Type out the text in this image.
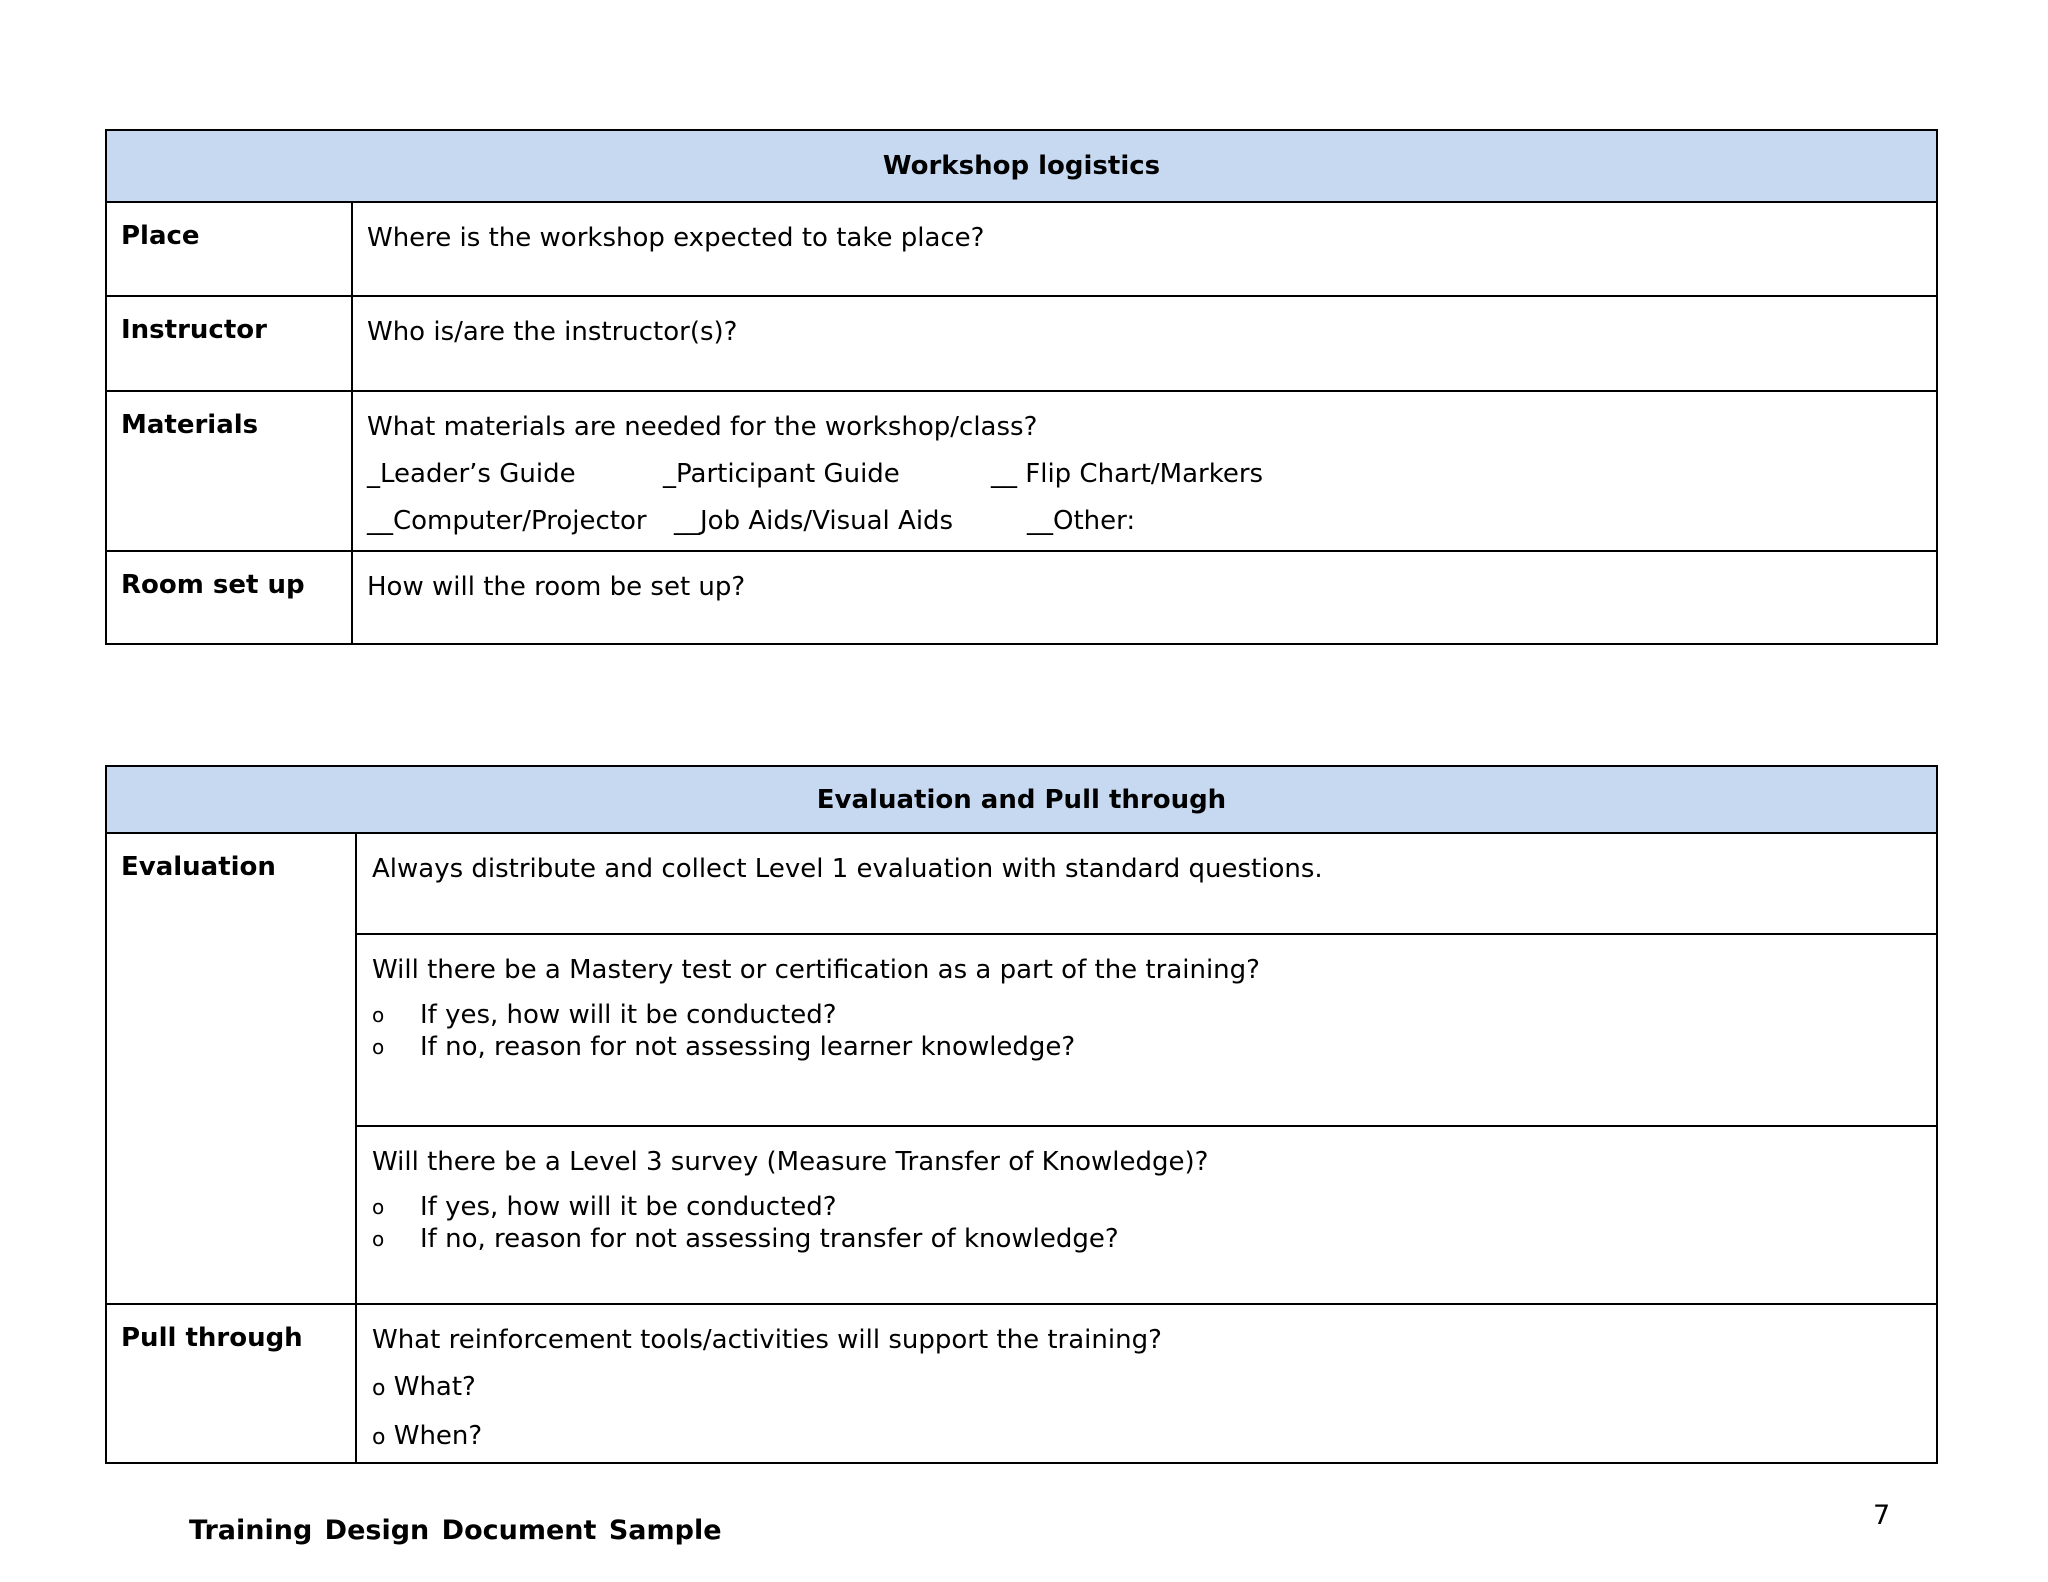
Workshop logistics
Place	Where is the workshop expected to take place?
Instructor	Who is/are the instructor(s)?
Materials	What materials are needed for the workshop/class?
_Leader’s Guide	_Participant Guide	__ Flip Chart/Markers
__Computer/Projector	__Job Aids/Visual Aids	__Other:
Room set up	How will the room be set up?
Evaluation and Pull through
Evaluation	Always distribute and collect Level 1 evaluation with standard questions.
Will there be a Mastery test or certification as a part of the training?
o	If yes, how will it be conducted?
o	If no, reason for not assessing learner knowledge?
Will there be a Level 3 survey (Measure Transfer of Knowledge)?
o	If yes, how will it be conducted?
o	If no, reason for not assessing transfer of knowledge?
Pull through	What reinforcement tools/activities will support the training?
o What?
o When?
Training Design Document Sample	7
